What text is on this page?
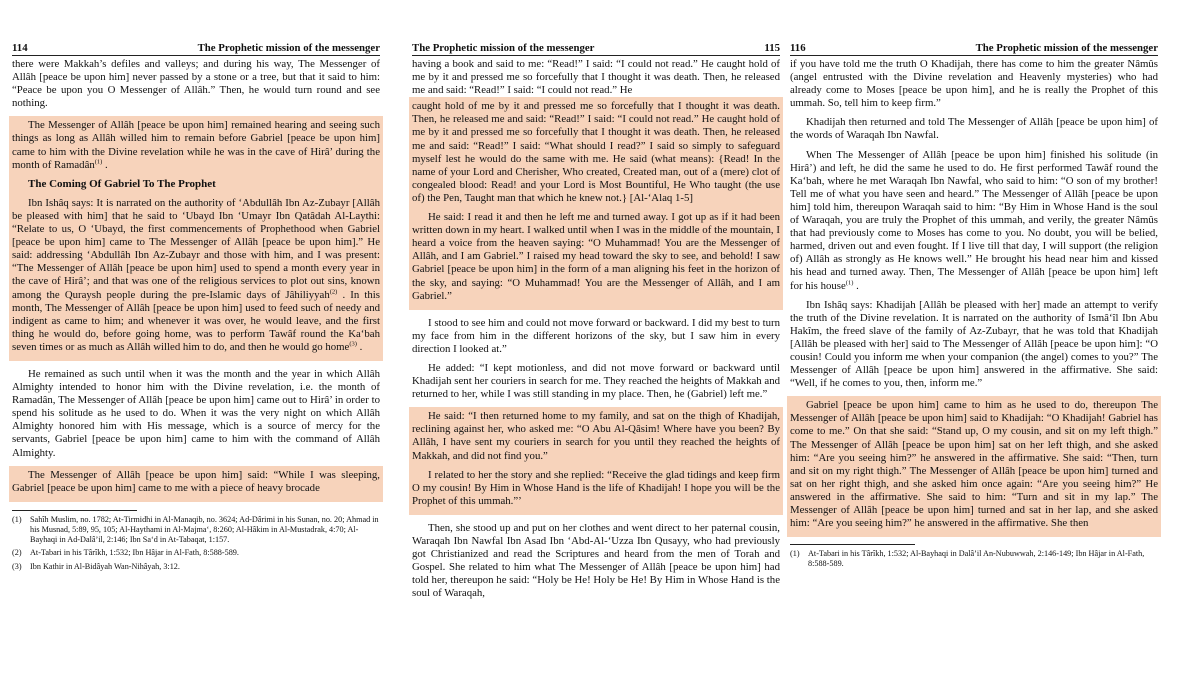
114	The Prophetic mission of the messenger

there were Makkah’s defiles and valleys; and during his way, The Messenger of Allâh [peace be upon him] never passed by a stone or a tree, but that it said to him: “Peace be upon you O Messenger of Allâh.” Then, he would turn round and see nothing.

The Messenger of Allâh [peace be upon him] remained hearing and seeing such things as long as Allâh willed him to remain before Gabriel [peace be upon him] came to him with the Divine revelation while he was in the cave of Hirâ’ during the month of Ramadân$^{(1)}$ .

The Coming Of Gabriel To The Prophet

Ibn Ishâq says: It is narrated on the authority of ‘Abdullâh Ibn Az-Zubayr [Allâh be pleased with him] that he said to ‘Ubayd Ibn ‘Umayr Ibn Qatâdah Al-Laythi: “Relate to us, O ‘Ubayd, the first commencements of Prophethood when Gabriel [peace be upon him] came to The Messenger of Allâh [peace be upon him].” He said: addressing ‘Abdullâh Ibn Az-Zubayr and those with him, and I was present: “The Messenger of Allâh [peace be upon him] used to spend a month every year in the cave of Hirâ’; and that was one of the religious services to plot out sins, known among the Quraysh people during the pre-Islamic days of Jâhiliyyah$^{(2)}$ . In this month, The Messenger of Allâh [peace be upon him] used to feed such of needy and indigent as came to him; and whenever it was over, he would leave, and the first thing he would do, before going home, was to perform Tawâf round the Ka‘bah seven times or as much as Allâh willed him to do, and then he would go home$^{(3)}$ .

He remained as such until when it was the month and the year in which Allâh Almighty intended to honor him with the Divine revelation, i.e. the month of Ramadân, The Messenger of Allâh [peace be upon him] came out to Hirâ’ in order to spend his solitude as he used to do. When it was the very night on which Allâh Almighty honored him with His message, which is a source of mercy for the servants, Gabriel [peace be upon him] came to him with the command of Allâh Almighty.

The Messenger of Allâh [peace be upon him] said: “While I was sleeping, Gabriel [peace be upon him] came to me with a piece of heavy brocade

(1)	Sahîh Muslim, no. 1782; At-Tirmidhi in Al-Manaqib, no. 3624; Ad-Dârimi in his Sunan, no. 20; Ahmad in his Musnad, 5:89, 95, 105; Al-Haythami in Al-Majma‘, 8:260; Al-Hâkim in Al-Mustadrak, 4:70; Al-Bayhaqi in Ad-Dalâ’il, 2:146; Ibn Sa‘d in At-Tabaqat, 1:157.
(2)	At-Tabari in his Târîkh, 1:532; Ibn Hâjar in Al-Fath, 8:588-589.
(3)	Ibn Kathir in Al-Bidâyah Wan-Nihâyah, 3:12.
The Prophetic mission of the messenger	115

having a book and said to me: “Read!” I said: “I could not read.” He caught hold of me by it and pressed me so forcefully that I thought it was death. Then, he released me and said: “Read!” I said: “I could not read.” He

caught hold of me by it and pressed me so forcefully that I thought it was death. Then, he released me and said: “Read!” I said: “I could not read.” He caught hold of me by it and pressed me so forcefully that I thought it was death. Then, he released me and said: “Read!” I said: “What should I read?” I said so simply to safeguard myself lest he would do the same with me. He said (what means): {Read! In the name of your Lord and Cherisher, Who created, Created man, out of a (mere) clot of congealed blood: Read! and your Lord is Most Bountiful, He Who taught (the use of) the Pen, Taught man that which he knew not.} [Al-‘Alaq 1-5]

He said: I read it and then he left me and turned away. I got up as if it had been written down in my heart. I walked until when I was in the middle of the mountain, I heard a voice from the heaven saying: “O Muhammad! You are the Messenger of Allâh, and I am Gabriel.” I raised my head toward the sky to see, and behold! I saw Gabriel [peace be upon him] in the form of a man aligning his feet in the horizon of the sky, and saying: “O Muhammad! You are the Messenger of Allâh, and I am Gabriel.”

I stood to see him and could not move forward or backward. I did my best to turn my face from him in the different horizons of the sky, but I saw him in every direction I looked at.”

He added: “I kept motionless, and did not move forward or backward until Khadijah sent her couriers in search for me. They reached the heights of Makkah and returned to her, while I was still standing in my place. Then, he (Gabriel) left me.”

He said: “I then returned home to my family, and sat on the thigh of Khadijah, reclining against her, who asked me: “O Abu Al-Qâsim! Where have you been? By Allâh, I have sent my couriers in search for you until they reached the heights of Makkah, and did not find you.”

I related to her the story and she replied: “Receive the glad tidings and keep firm O my cousin! By Him in Whose Hand is the life of Khadijah! I hope you will be the Prophet of this ummah.”’

Then, she stood up and put on her clothes and went direct to her paternal cousin, Waraqah Ibn Nawfal Ibn Asad Ibn ‘Abd-Al-‘Uzza Ibn Qusayy, who had previously got Christianized and read the Scriptures and heard from the men of Torah and Gospel. She related to him what The Messenger of Allâh [peace be upon him] had told her, thereupon he said: “Holy be He! Holy be He! By Him in Whose Hand is the soul of Waraqah,

116	The Prophetic mission of the messenger

if you have told me the truth O Khadijah, there has come to him the greater Nâmûs (angel entrusted with the Divine revelation and Heavenly mysteries) who had already come to Moses [peace be upon him], and he is really the Prophet of this ummah. So, tell him to keep firm.”

Khadijah then returned and told The Messenger of Allâh [peace be upon him] of the words of Waraqah Ibn Nawfal.

When The Messenger of Allâh [peace be upon him] finished his solitude (in Hirâ’) and left, he did the same he used to do. He first performed Tawâf round the Ka‘bah, where he met Waraqah Ibn Nawfal, who said to him: “O son of my brother! Tell me of what you have seen and heard.” The Messenger of Allâh [peace be upon him] told him, thereupon Waraqah said to him: “By Him in Whose Hand is the soul of Waraqah, you are truly the Prophet of this ummah, and verily, the greater Nâmûs that had previously come to Moses has come to you. No doubt, you will be belied, harmed, driven out and even fought. If I live till that day, I will support (the religion of) Allâh as strongly as He knows well.” He brought his head near him and kissed his head and turned away. Then, The Messenger of Allâh [peace be upon him] left for his house$^{(1)}$ .

Ibn Ishâq says: Khadijah [Allâh be pleased with her] made an attempt to verify the truth of the Divine revelation. It is narrated on the authority of Ismâ‘îl Ibn Abu Hakîm, the freed slave of the family of Az-Zubayr, that he was told that Khadijah [Allâh be pleased with her] said to The Messenger of Allâh [peace be upon him]: “O cousin! Could you inform me when your companion (the angel) comes to you?” The Messenger of Allâh [peace be upon him] answered in the affirmative. She said: “Well, if he comes to you, then, inform me.”

Gabriel [peace be upon him] came to him as he used to do, thereupon The Messenger of Allâh [peace be upon him] said to Khadijah: “O Khadijah! Gabriel has come to me.” On that she said: “Stand up, O my cousin, and sit on my left thigh.” The Messenger of Allâh [peace be upon him] sat on her left thigh, and she asked him: “Are you seeing him?” he answered in the affirmative. She said: “Then, turn and sit on my right thigh.” The Messenger of Allâh [peace be upon him] turned and sat on her right thigh, and she asked him once again: “Are you seeing him?” He answered in the affirmative. She said to him: “Turn and sit in my lap.” The Messenger of Allâh [peace be upon him] turned and sat in her lap, and she asked him: “Are you seeing him?” he answered in the affirmative. She then

(1)	At-Tabari in his Târîkh, 1:532; Al-Bayhaqi in Dalâ’il An-Nubuwwah, 2:146-149; Ibn Hâjar in Al-Fath, 8:588-589.
